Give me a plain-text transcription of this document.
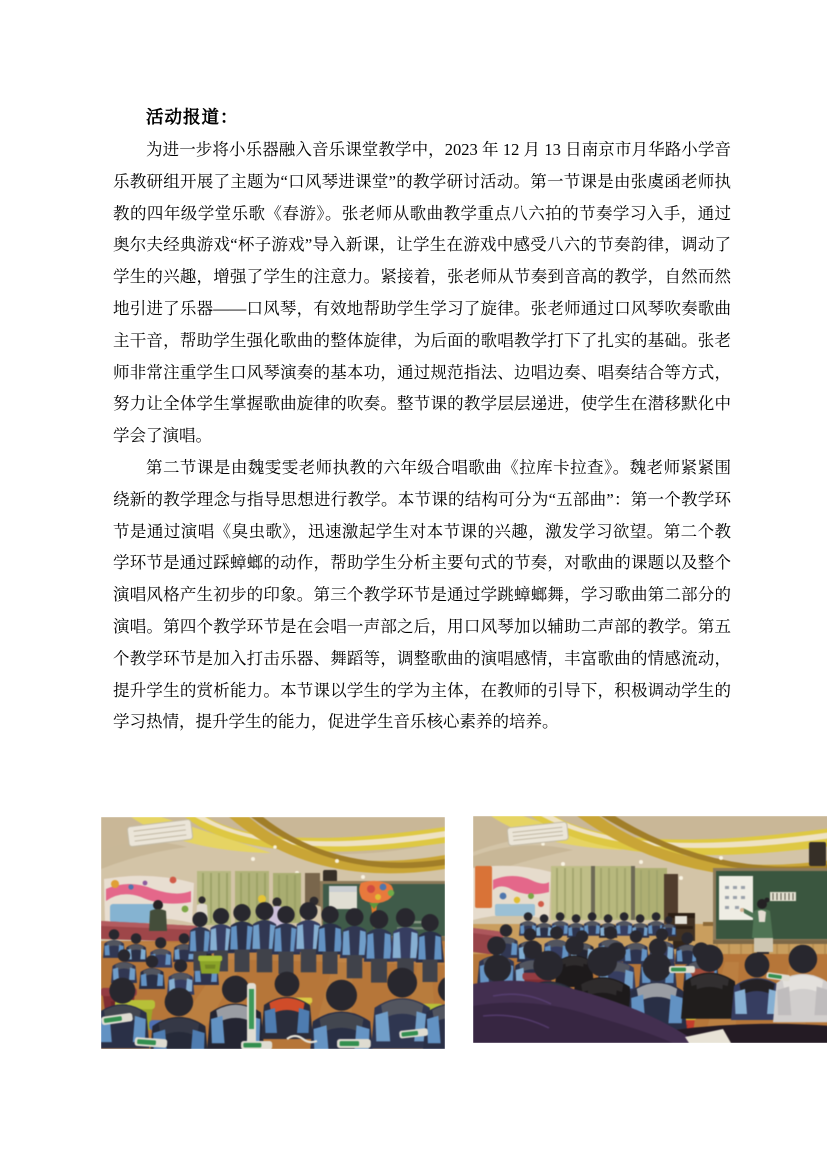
活动报道：

为进一步将小乐器融入音乐课堂教学中，2023 年 12 月 13 日南京市月华路小学音乐教研组开展了主题为“口风琴进课堂”的教学研讨活动。第一节课是由张虞函老师执教的四年级学堂乐歌《春游》。张老师从歌曲教学重点八六拍的节奏学习入手，通过奥尔夫经典游戏“杯子游戏”导入新课，让学生在游戏中感受八六的节奏韵律，调动了学生的兴趣，增强了学生的注意力。紧接着，张老师从节奏到音高的教学，自然而然地引进了乐器——口风琴，有效地帮助学生学习了旋律。张老师通过口风琴吹奏歌曲主干音，帮助学生强化歌曲的整体旋律，为后面的歌唱教学打下了扎实的基础。张老师非常注重学生口风琴演奏的基本功，通过规范指法、边唱边奏、唱奏结合等方式，努力让全体学生掌握歌曲旋律的吹奏。整节课的教学层层递进，使学生在潜移默化中学会了演唱。

第二节课是由魏雯雯老师执教的六年级合唱歌曲《拉库卡拉查》。魏老师紧紧围绕新的教学理念与指导思想进行教学。本节课的结构可分为“五部曲”：第一个教学环节是通过演唱《臭虫歌》，迅速激起学生对本节课的兴趣，激发学习欲望。第二个教学环节是通过踩蟑螂的动作，帮助学生分析主要句式的节奏，对歌曲的课题以及整个演唱风格产生初步的印象。第三个教学环节是通过学跳蟑螂舞，学习歌曲第二部分的演唱。第四个教学环节是在会唱一声部之后，用口风琴加以辅助二声部的教学。第五个教学环节是加入打击乐器、舞蹈等，调整歌曲的演唱感情，丰富歌曲的情感流动，提升学生的赏析能力。本节课以学生的学为主体，在教师的引导下，积极调动学生的学习热情，提升学生的能力，促进学生音乐核心素养的培养。
